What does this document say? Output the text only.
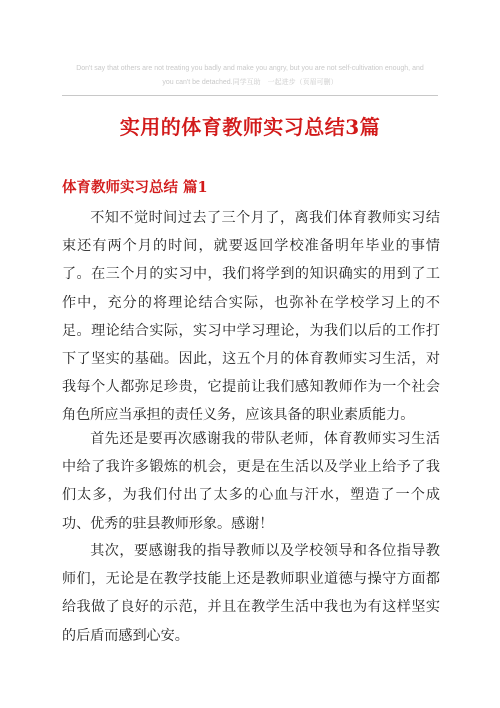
Don't say that others are not treating you badly and make you angry, but you are not self-cultivation enough, and
you can't be detached.同学互助　一起进步（页眉可删）
实用的体育教师实习总结3篇
体育教师实习总结 篇1

不知不觉时间过去了三个月了，离我们体育教师实习结束还有两个月的时间，就要返回学校准备明年毕业的事情了。在三个月的实习中，我们将学到的知识确实的用到了工作中，充分的将理论结合实际，也弥补在学校学习上的不足。理论结合实际，实习中学习理论，为我们以后的工作打下了坚实的基础。因此，这五个月的体育教师实习生活，对我每个人都弥足珍贵，它提前让我们感知教师作为一个社会角色所应当承担的责任义务，应该具备的职业素质能力。

首先还是要再次感谢我的带队老师，体育教师实习生活中给了我许多锻炼的机会，更是在生活以及学业上给予了我们太多，为我们付出了太多的心血与汗水，塑造了一个成功、优秀的驻县教师形象。感谢！

其次，要感谢我的指导教师以及学校领导和各位指导教师们，无论是在教学技能上还是教师职业道德与操守方面都给我做了良好的示范，并且在教学生活中我也为有这样坚实的后盾而感到心安。
